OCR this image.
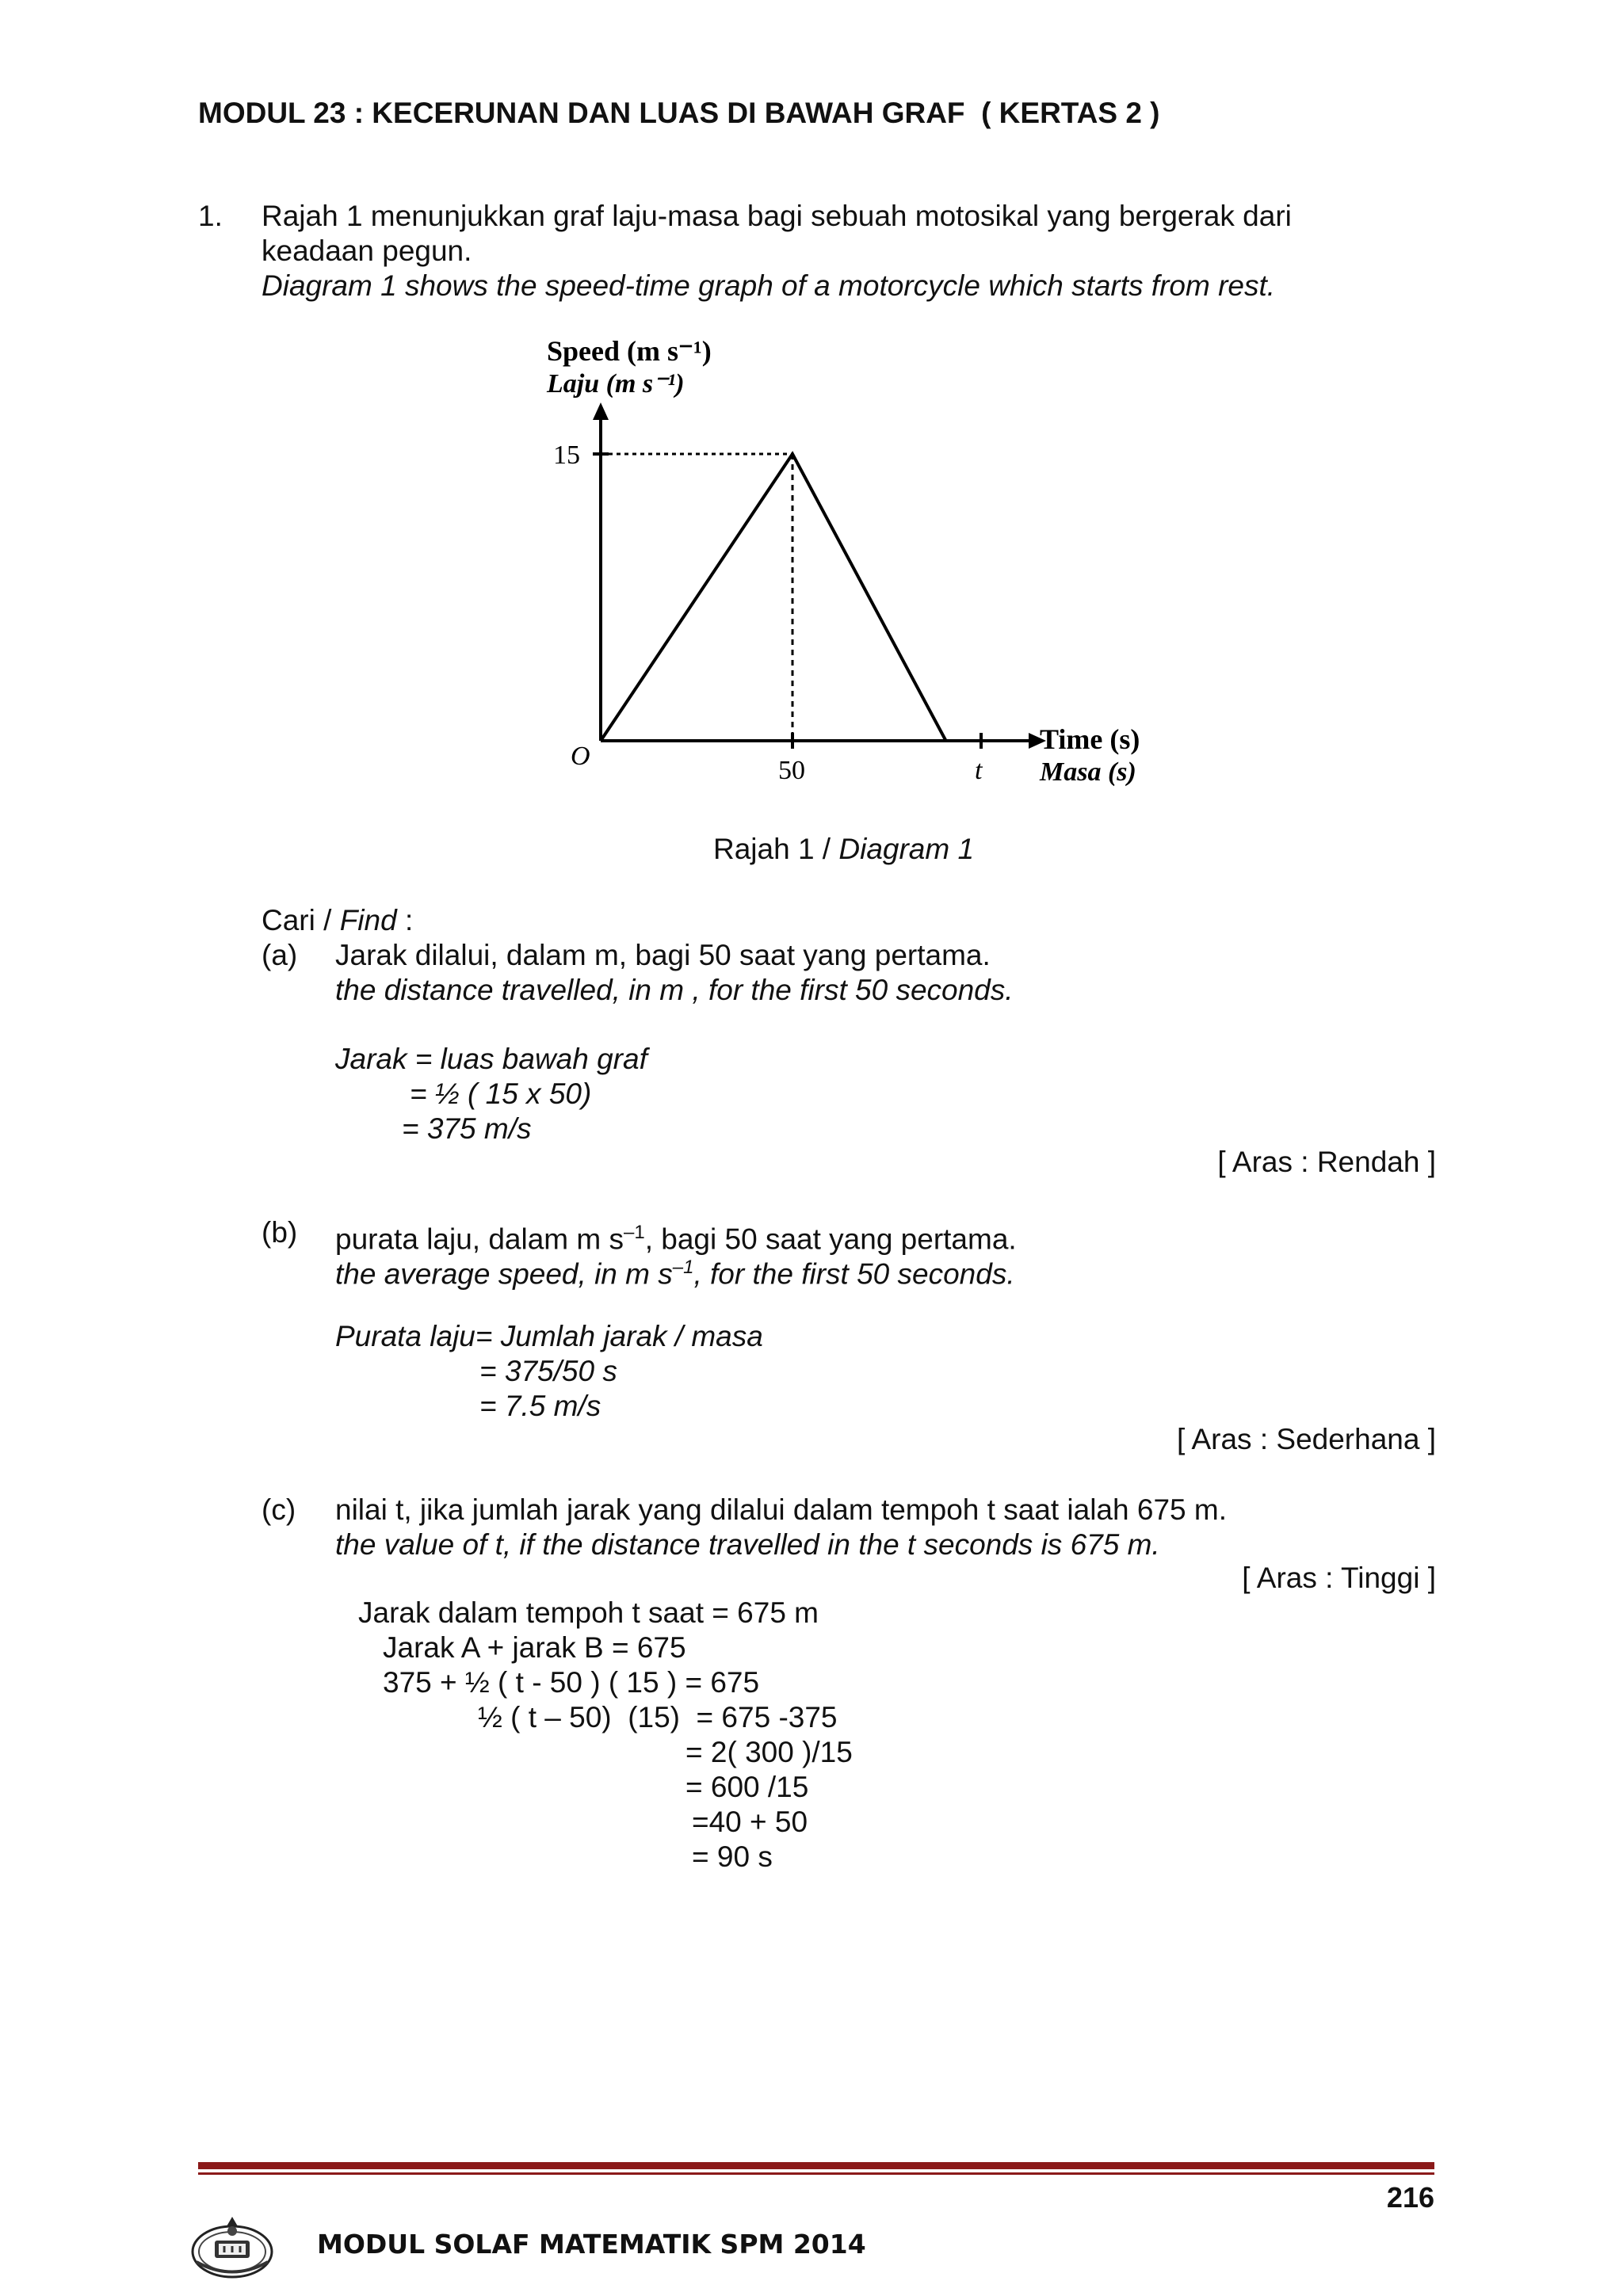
MODUL 23 : KECERUNAN DAN LUAS DI BAWAH GRAF  ( KERTAS 2 )
1. Rajah 1 menunjukkan graf laju-masa bagi sebuah motosikal yang bergerak dari
keadaan pegun.
Diagram 1 shows the speed-time graph of a motorcycle which starts from rest.
Speed (m s⁻¹)
Laju (m s⁻¹)
15
50	t
O
Time (s)
Masa (s)
Rajah 1 / Diagram 1
Cari / Find :
(a) Jarak dilalui, dalam m, bagi 50 saat yang pertama.
the distance travelled, in m , for the first 50 seconds.
Jarak = luas bawah graf
= ½ ( 15 x 50)
= 375 m/s
[ Aras : Rendah ]
(b) purata laju, dalam m $s^{-1}$, bagi 50 saat yang pertama.
the average speed, in m $s^{-1}$, for the first 50 seconds.
Purata laju= Jumlah jarak / masa
= 375/50 s
= 7.5 m/s
[ Aras : Sederhana ]
(c) nilai t, jika jumlah jarak yang dilalui dalam tempoh t saat ialah 675 m.
the value of t, if the distance travelled in the t seconds is 675 m.
[ Aras : Tinggi ]
Jarak dalam tempoh t saat = 675 m
Jarak A + jarak B = 675
375 + ½ ( t - 50 ) ( 15 ) = 675
½ ( t – 50)  (15)  = 675 -375
= 2( 300 )/15
= 600 /15
=40 + 50
= 90 s
216
MODUL SOLAF MATEMATIK SPM 2014
